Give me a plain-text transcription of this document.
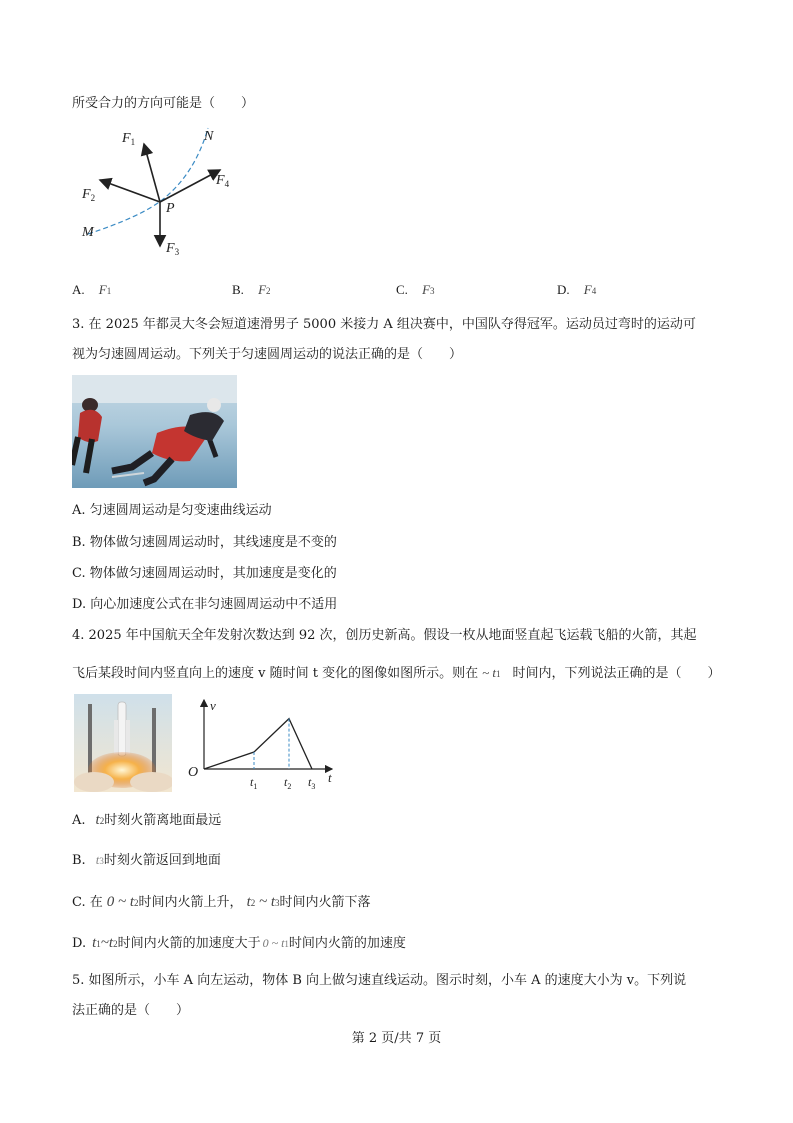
所受合力的方向可能是（　　）
$F_1$
$F_2$
$F_3$
$F_4$
N
M
P
A. F1	B. F2	C. F3	D. F4
3. 在 2025 年都灵大冬会短道速滑男子 5000 米接力 A 组决赛中，中国队夺得冠军。运动员过弯时的运动可
视为匀速圆周运动。下列关于匀速圆周运动的说法正确的是（　　）
A. 匀速圆周运动是匀变速曲线运动
B. 物体做匀速圆周运动时，其线速度是不变的
C. 物体做匀速圆周运动时，其加速度是变化的
D. 向心加速度公式在非匀速圆周运动中不适用
4. 2025 年中国航天全年发射次数达到 92 次，创历史新高。假设一枚从地面竖直起飞运载飞船的火箭，其起
飞后某段时间内竖直向上的速度 v 随时间 t 变化的图像如图所示。则在 ~ t1 时间内，下列说法正确的是（　　）
v
t
O
$t_1$ $t_2$ $t_3$
A. t2时刻火箭离地面最远
B. t3时刻火箭返回到地面
C. 在 0 ~ t2时间内火箭上升， t2 ~ t3时间内火箭下落
D. t1~t2时间内火箭的加速度大于 0 ~ t1时间内火箭的加速度
5. 如图所示，小车 A 向左运动，物体 B 向上做匀速直线运动。图示时刻，小车 A 的速度大小为 v。下列说
法正确的是（　　）
第 2 页/共 7 页
